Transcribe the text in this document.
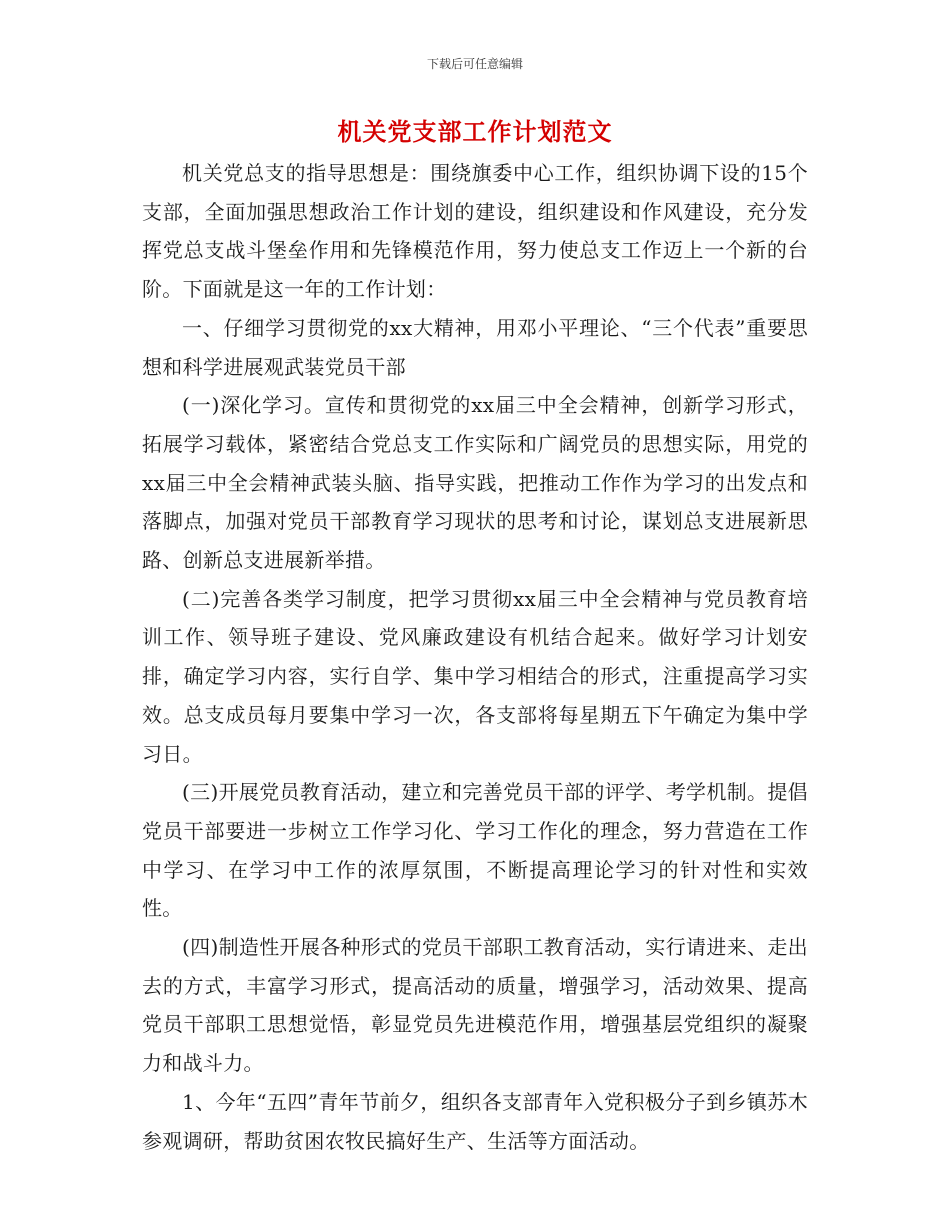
下载后可任意编辑
机关党支部工作计划范文

机关党总支的指导思想是：围绕旗委中心工作，组织协调下设的15个支部，全面加强思想政治工作计划的建设，组织建设和作风建设，充分发挥党总支战斗堡垒作用和先锋模范作用，努力使总支工作迈上一个新的台阶。下面就是这一年的工作计划：

一、仔细学习贯彻党的xx大精神，用邓小平理论、“三个代表”重要思想和科学进展观武装党员干部

(一)深化学习。宣传和贯彻党的xx届三中全会精神，创新学习形式，拓展学习载体，紧密结合党总支工作实际和广阔党员的思想实际，用党的xx届三中全会精神武装头脑、指导实践，把推动工作作为学习的出发点和落脚点，加强对党员干部教育学习现状的思考和讨论，谋划总支进展新思路、创新总支进展新举措。

(二)完善各类学习制度，把学习贯彻xx届三中全会精神与党员教育培训工作、领导班子建设、党风廉政建设有机结合起来。做好学习计划安排，确定学习内容，实行自学、集中学习相结合的形式，注重提高学习实效。总支成员每月要集中学习一次，各支部将每星期五下午确定为集中学习日。

(三)开展党员教育活动，建立和完善党员干部的评学、考学机制。提倡党员干部要进一步树立工作学习化、学习工作化的理念，努力营造在工作中学习、在学习中工作的浓厚氛围，不断提高理论学习的针对性和实效性。

(四)制造性开展各种形式的党员干部职工教育活动，实行请进来、走出去的方式，丰富学习形式，提高活动的质量，增强学习，活动效果、提高党员干部职工思想觉悟，彰显党员先进模范作用，增强基层党组织的凝聚力和战斗力。

1、今年“五四”青年节前夕，组织各支部青年入党积极分子到乡镇苏木参观调研，帮助贫困农牧民搞好生产、生活等方面活动。
